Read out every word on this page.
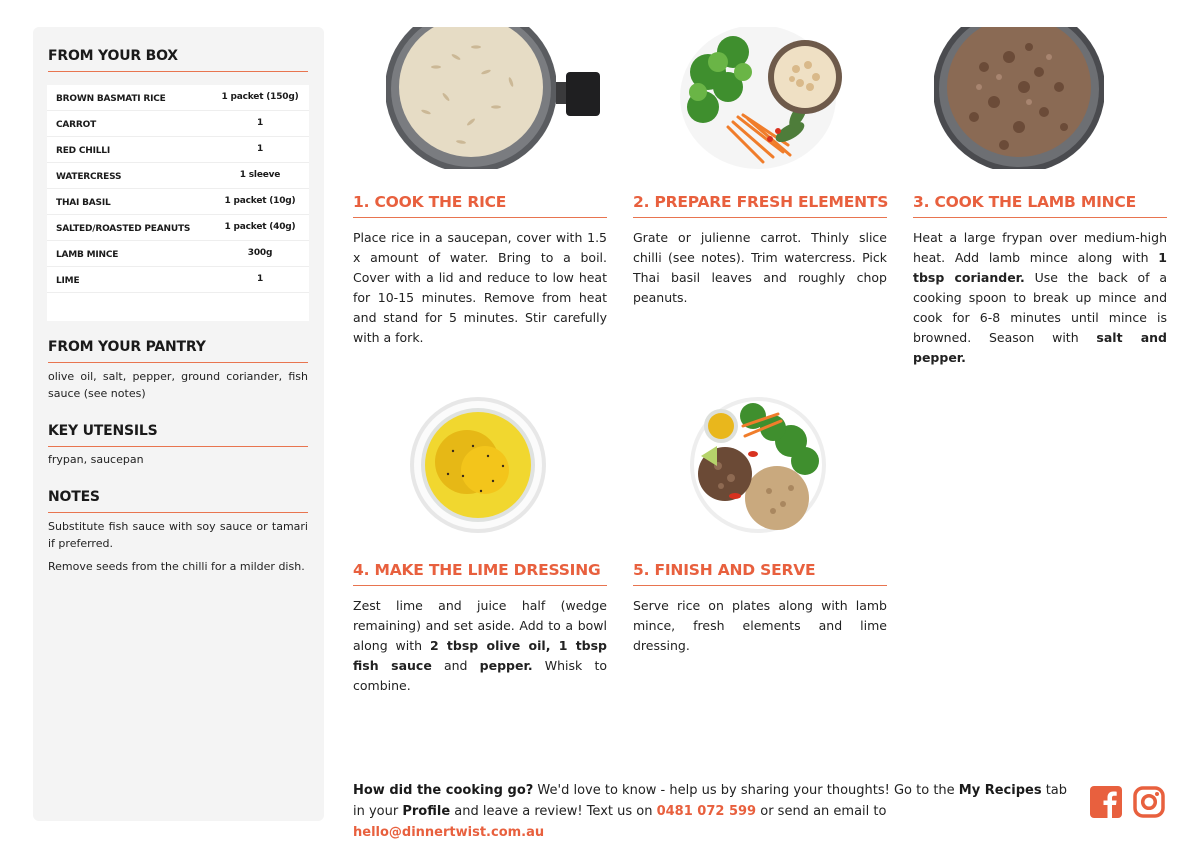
FROM YOUR BOX
BROWN BASMATI RICE	1 packet (150g)
CARROT	1
RED CHILLI	1
WATERCRESS	1 sleeve
THAI BASIL	1 packet (10g)
SALTED/ROASTED PEANUTS	1 packet (40g)
LAMB MINCE	300g
LIME	1
FROM YOUR PANTRY
olive oil, salt, pepper, ground coriander, fish sauce (see notes)
KEY UTENSILS
frypan, saucepan
NOTES
Substitute fish sauce with soy sauce or tamari if preferred.
Remove seeds from the chilli for a milder dish.
1. COOK THE RICE	2. PREPARE FRESH ELEMENTS 3. COOK THE LAMB MINCE
4. MAKE THE LIME DRESSING	5. FINISH AND SERVE
Place rice in a saucepan, cover with 1.5 x amount of water. Bring to a boil. Cover with a lid and reduce to low heat for 10-15 minutes. Remove from heat and stand for 5 minutes. Stir carefully with a fork.
Grate or julienne carrot. Thinly slice chilli (see notes). Trim watercress. Pick Thai basil leaves and roughly chop peanuts.
Heat a large frypan over medium-high heat. Add lamb mince along with 1 tbsp coriander. Use the back of a cooking spoon to break up mince and cook for 6-8 minutes until mince is browned. Season with salt and pepper.
Zest lime and juice half (wedge remaining) and set aside. Add to a bowl along with 2 tbsp olive oil, 1 tbsp fish sauce and pepper. Whisk to combine.
Serve rice on plates along with lamb mince, fresh elements and lime dressing.
How did the cooking go? We'd love to know - help us by sharing your thoughts! Go to the My Recipes tab in your Profile and leave a review! Text us on 0481 072 599 or send an email to hello@dinnertwist.com.au
